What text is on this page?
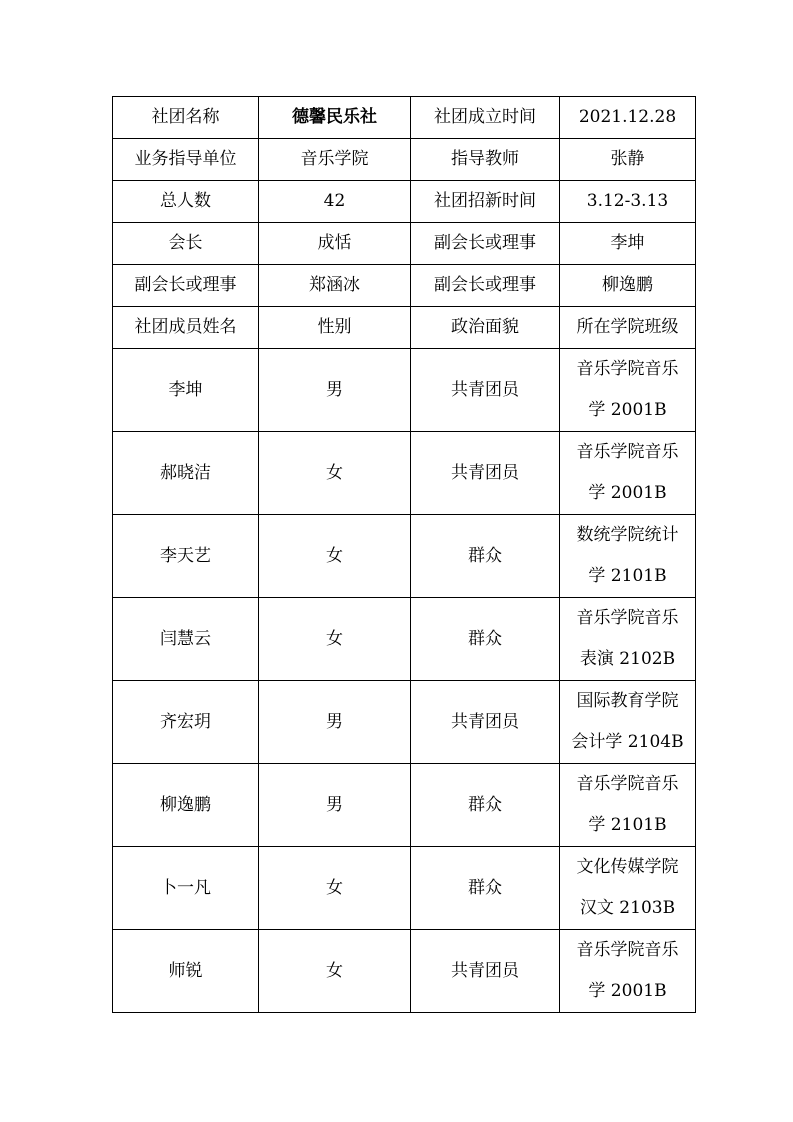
社团名称	德馨民乐社	社团成立时间	2021.12.28
业务指导单位	音乐学院	指导教师	张静
总人数	42	社团招新时间	3.12-3.13
会长	成恬	副会长或理事	李坤
副会长或理事	郑涵冰	副会长或理事	柳逸鹏
社团成员姓名	性别	政治面貌	所在学院班级
李坤	男	共青团员	音乐学院音乐
学 2001B

郝晓洁	女	共青团员	音乐学院音乐
学 2001B

李天艺	女	群众	数统学院统计
学 2101B

闫慧云	女	群众	音乐学院音乐
表演 2102B

齐宏玥	男	共青团员	国际教育学院
会计学 2104B

柳逸鹏	男	群众	音乐学院音乐
学 2101B

卜一凡	女	群众	文化传媒学院
汉文 2103B

师锐	女	共青团员	音乐学院音乐
学 2001B
